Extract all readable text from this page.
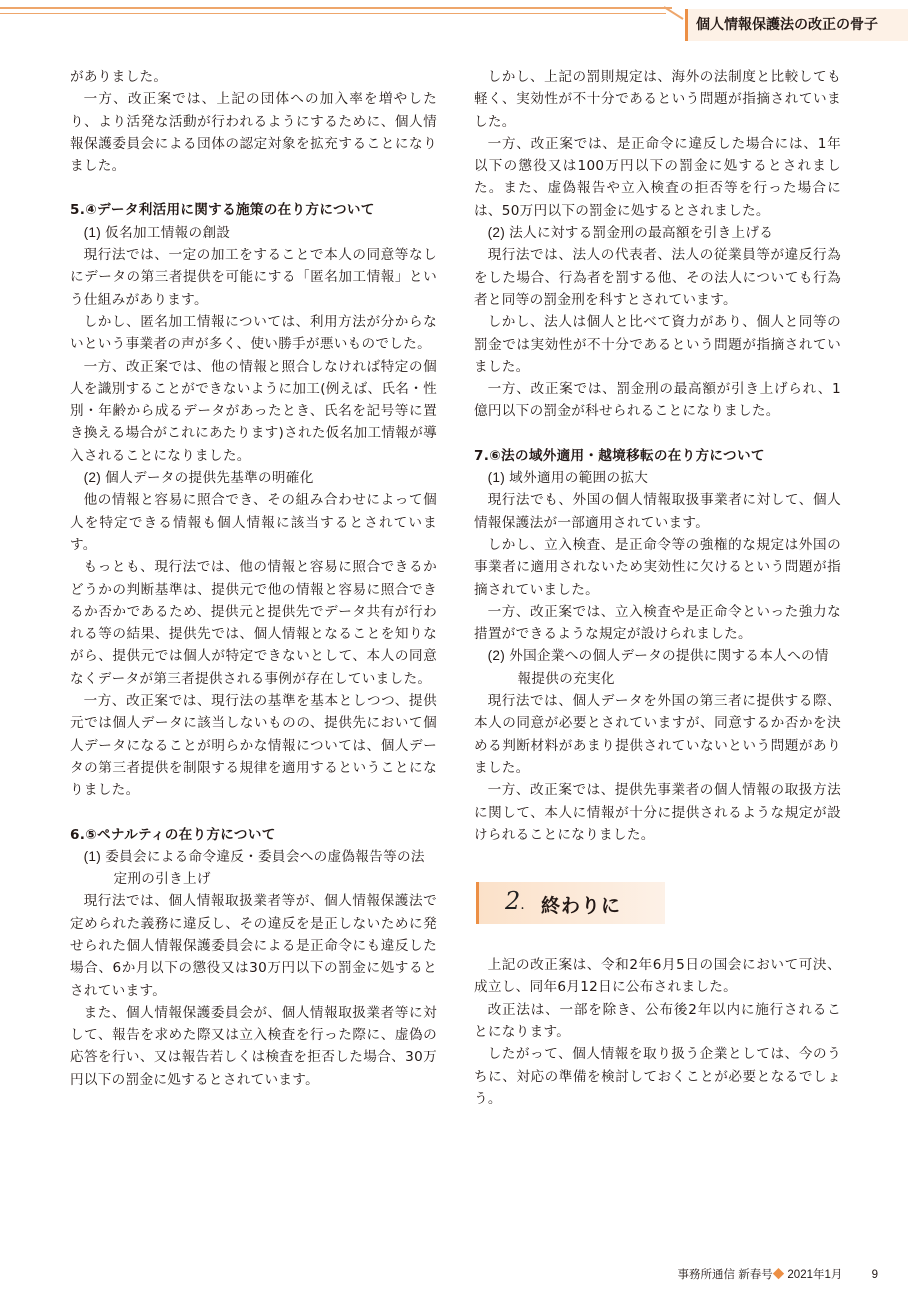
個人情報保護法の改正の骨子

がありました。

一方、改正案では、上記の団体への加入率を増やしたり、より活発な活動が行われるようにするために、個人情報保護委員会による団体の認定対象を拡充することになりました。

5.④データ利活用に関する施策の在り方について
(1) 仮名加工情報の創設

現行法では、一定の加工をすることで本人の同意等なしにデータの第三者提供を可能にする「匿名加工情報」という仕組みがあります。

しかし、匿名加工情報については、利用方法が分からないという事業者の声が多く、使い勝手が悪いものでした。

一方、改正案では、他の情報と照合しなければ特定の個人を識別することができないように加工(例えば、氏名・性別・年齢から成るデータがあったとき、氏名を記号等に置き換える場合がこれにあたります)された仮名加工情報が導入されることになりました。

(2) 個人データの提供先基準の明確化

他の情報と容易に照合でき、その組み合わせによって個人を特定できる情報も個人情報に該当するとされています。

もっとも、現行法では、他の情報と容易に照合できるかどうかの判断基準は、提供元で他の情報と容易に照合できるか否かであるため、提供元と提供先でデータ共有が行われる等の結果、提供先では、個人情報となることを知りながら、提供元では個人が特定できないとして、本人の同意なくデータが第三者提供される事例が存在していました。

一方、改正案では、現行法の基準を基本としつつ、提供元では個人データに該当しないものの、提供先において個人データになることが明らかな情報については、個人データの第三者提供を制限する規律を適用するということになりました。

6.⑤ペナルティの在り方について
(1) 委員会による命令違反・委員会への虚偽報告等の法定刑の引き上げ

現行法では、個人情報取扱業者等が、個人情報保護法で定められた義務に違反し、その違反を是正しないために発せられた個人情報保護委員会による是正命令にも違反した場合、6か月以下の懲役又は30万円以下の罰金に処するとされています。

また、個人情報保護委員会が、個人情報取扱業者等に対して、報告を求めた際又は立入検査を行った際に、虚偽の応答を行い、又は報告若しくは検査を拒否した場合、30万円以下の罰金に処するとされています。

しかし、上記の罰則規定は、海外の法制度と比較しても軽く、実効性が不十分であるという問題が指摘されていました。

一方、改正案では、是正命令に違反した場合には、1年以下の懲役又は100万円以下の罰金に処するとされました。また、虚偽報告や立入検査の拒否等を行った場合には、50万円以下の罰金に処するとされました。

(2) 法人に対する罰金刑の最高額を引き上げる

現行法では、法人の代表者、法人の従業員等が違反行為をした場合、行為者を罰する他、その法人についても行為者と同等の罰金刑を科すとされています。

しかし、法人は個人と比べて資力があり、個人と同等の罰金では実効性が不十分であるという問題が指摘されていました。

一方、改正案では、罰金刑の最高額が引き上げられ、1億円以下の罰金が科せられることになりました。

7.⑥法の域外適用・越境移転の在り方について
(1) 域外適用の範囲の拡大

現行法でも、外国の個人情報取扱事業者に対して、個人情報保護法が一部適用されています。

しかし、立入検査、是正命令等の強権的な規定は外国の事業者に適用されないため実効性に欠けるという問題が指摘されていました。

一方、改正案では、立入検査や是正命令といった強力な措置ができるような規定が設けられました。

(2) 外国企業への個人データの提供に関する本人への情報提供の充実化

現行法では、個人データを外国の第三者に提供する際、本人の同意が必要とされていますが、同意するか否かを決める判断材料があまり提供されていないという問題がありました。

一方、改正案では、提供先事業者の個人情報の取扱方法に関して、本人に情報が十分に提供されるような規定が設けられることになりました。

2. 終わりに

上記の改正案は、令和2年6月5日の国会において可決、成立し、同年6月12日に公布されました。

改正法は、一部を除き、公布後2年以内に施行されることになります。

したがって、個人情報を取り扱う企業としては、今のうちに、対応の準備を検討しておくことが必要となるでしょう。

事務所通信 新春号◆ 2021年1月	9
